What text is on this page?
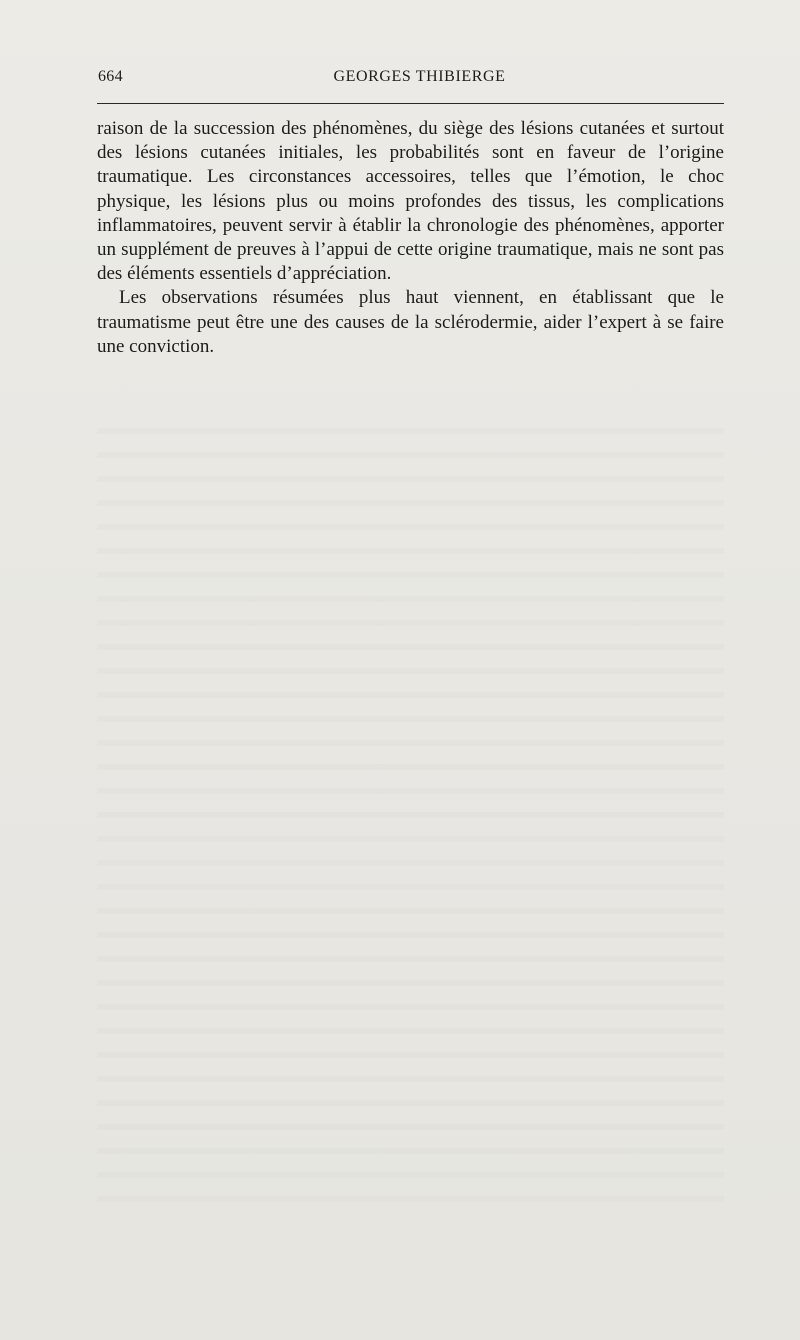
664	GEORGES THIBIERGE

raison de la succession des phénomènes, du siège des lésions cutanées et surtout des lésions cutanées initiales, les probabilités sont en faveur de l’origine traumatique. Les circonstances accessoires, telles que l’émotion, le choc physique, les lésions plus ou moins profondes des tissus, les complications inflammatoires, peuvent servir à établir la chronologie des phénomènes, apporter un supplément de preuves à l’appui de cette origine traumatique, mais ne sont pas des éléments essentiels d’appréciation.

Les observations résumées plus haut viennent, en établissant que le traumatisme peut être une des causes de la sclérodermie, aider l’expert à se faire une conviction.
